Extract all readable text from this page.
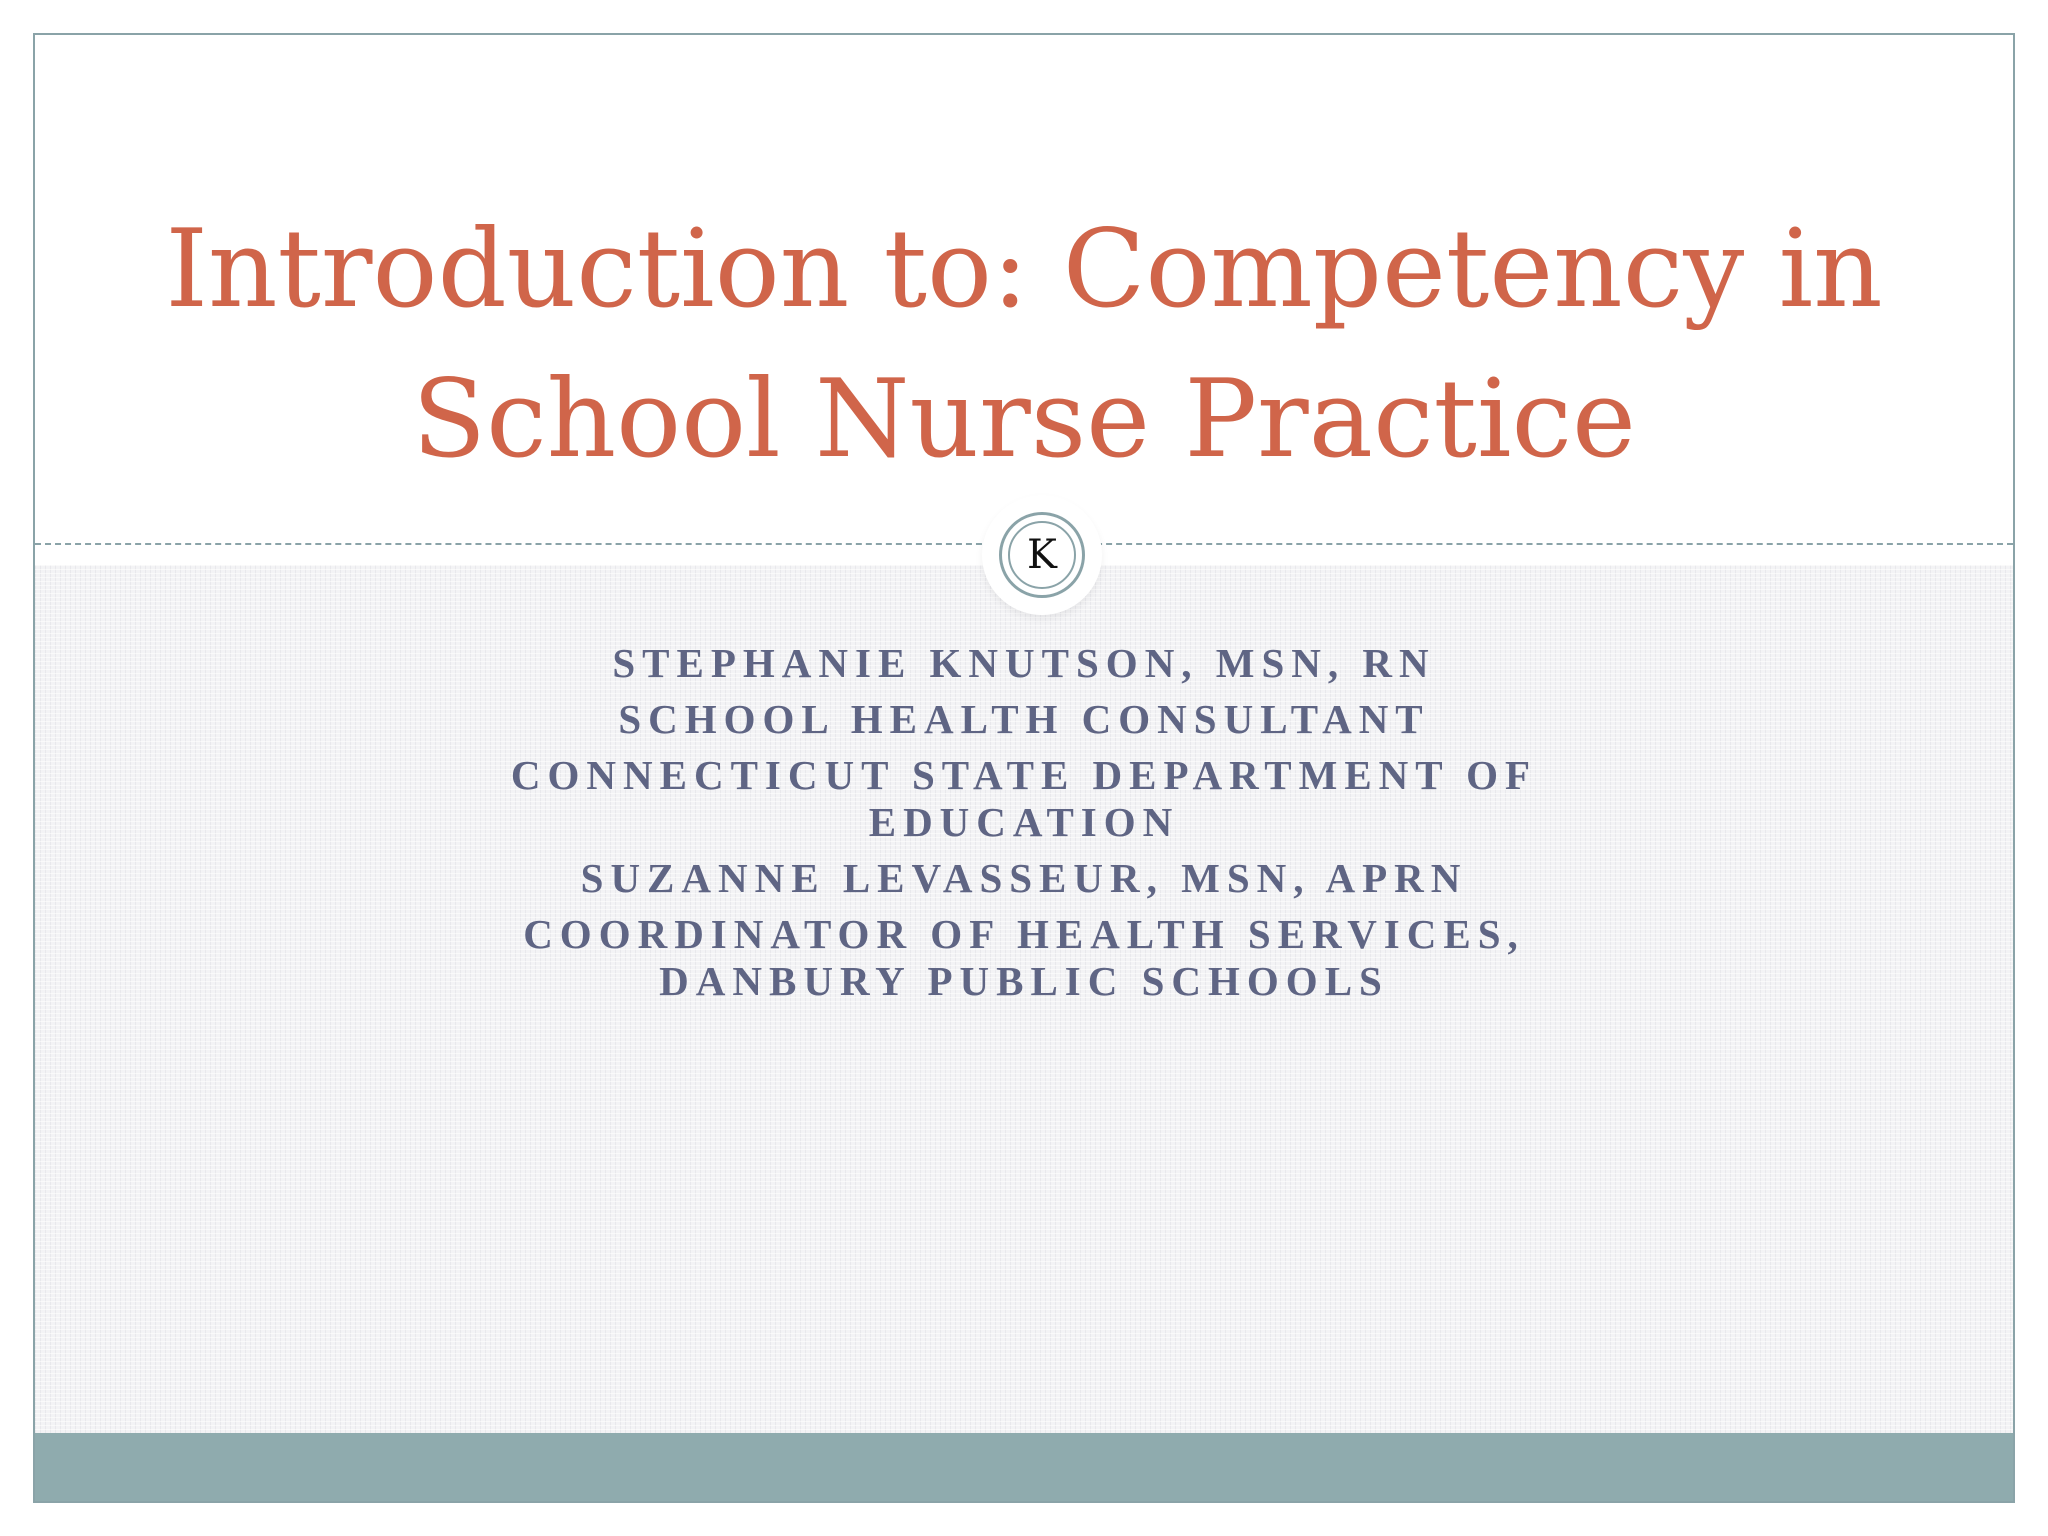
Introduction to: Competency in
School Nurse Practice
K
STEPHANIE KNUTSON, MSN, RN
SCHOOL HEALTH CONSULTANT
CONNECTICUT STATE DEPARTMENT OF
EDUCATION
SUZANNE LEVASSEUR, MSN, APRN
COORDINATOR OF HEALTH SERVICES,
DANBURY PUBLIC SCHOOLS
